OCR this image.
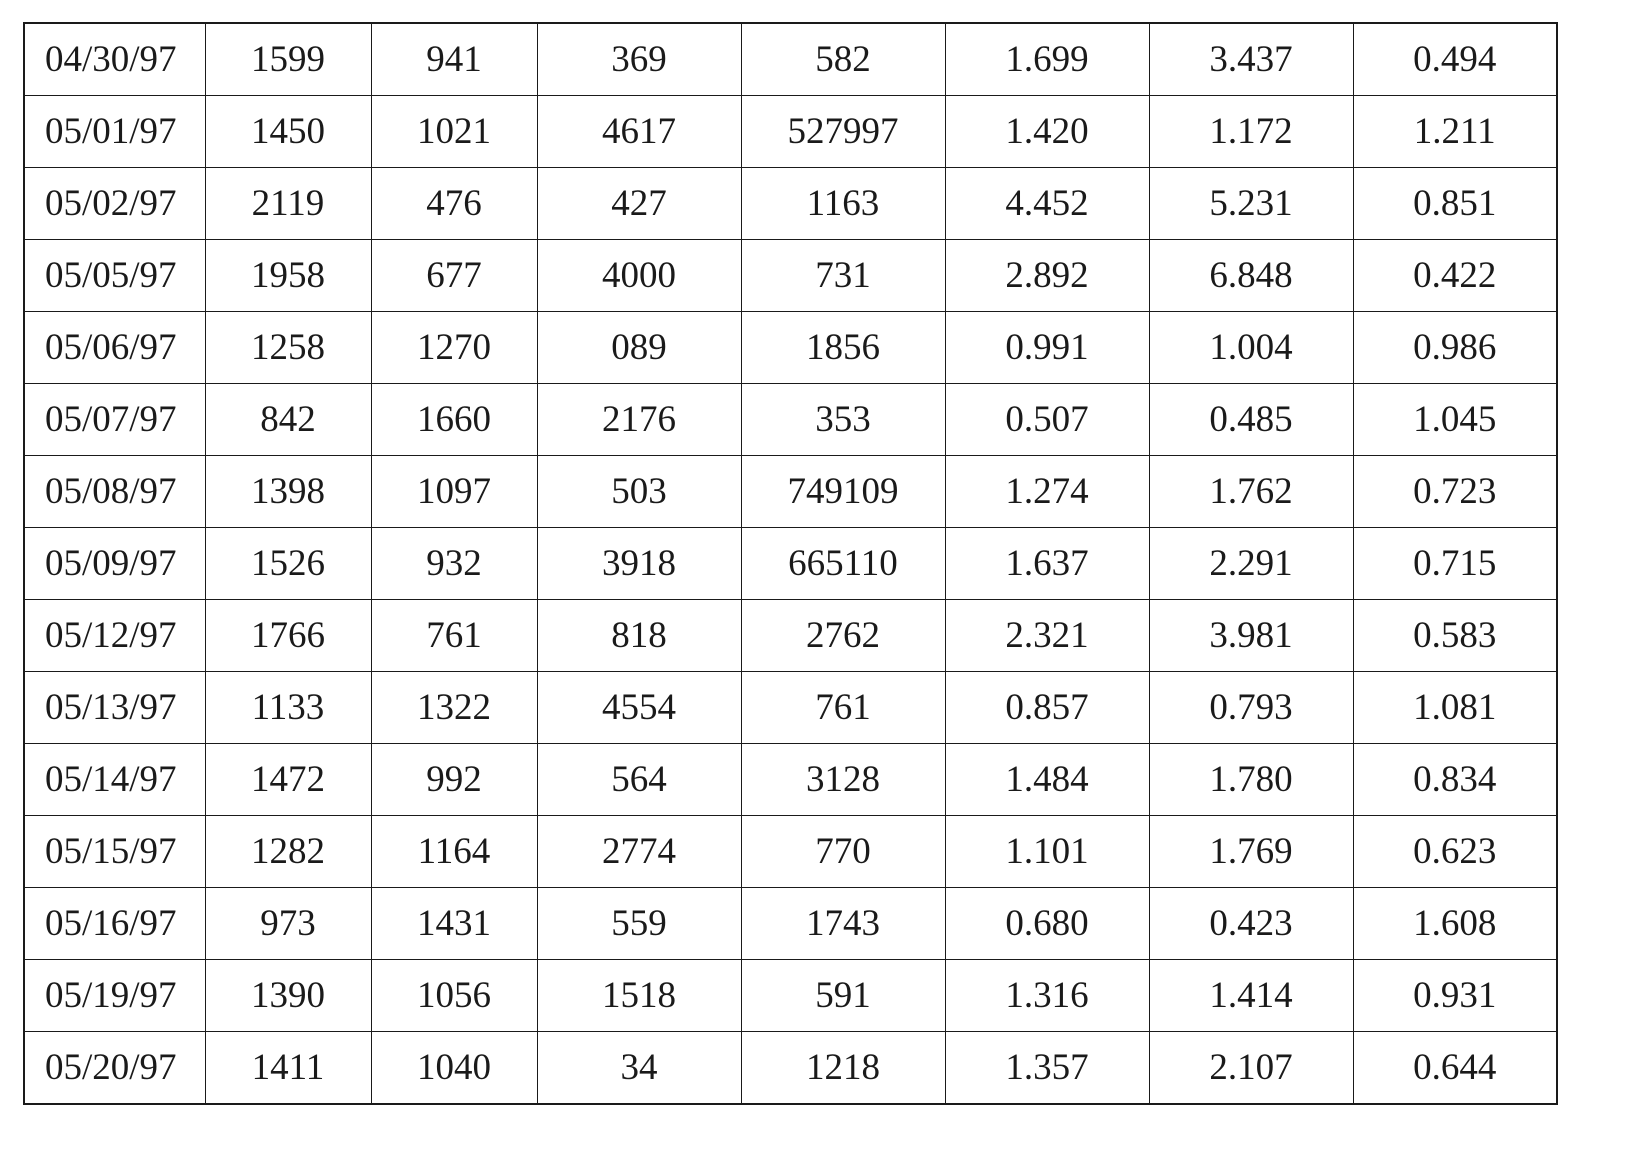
04/30/97	1599	941	369	582	1.699	3.437	0.494
05/01/97	1450	1021	4617	527997	1.420	1.172	1.211
05/02/97	2119	476	427	1163	4.452	5.231	0.851
05/05/97	1958	677	4000	731	2.892	6.848	0.422
05/06/97	1258	1270	089	1856	0.991	1.004	0.986
05/07/97	842	1660	2176	353	0.507	0.485	1.045
05/08/97	1398	1097	503	749109	1.274	1.762	0.723
05/09/97	1526	932	3918	665110	1.637	2.291	0.715
05/12/97	1766	761	818	2762	2.321	3.981	0.583
05/13/97	1133	1322	4554	761	0.857	0.793	1.081
05/14/97	1472	992	564	3128	1.484	1.780	0.834
05/15/97	1282	1164	2774	770	1.101	1.769	0.623
05/16/97	973	1431	559	1743	0.680	0.423	1.608
05/19/97	1390	1056	1518	591	1.316	1.414	0.931
05/20/97	1411	1040	34	1218	1.357	2.107	0.644
